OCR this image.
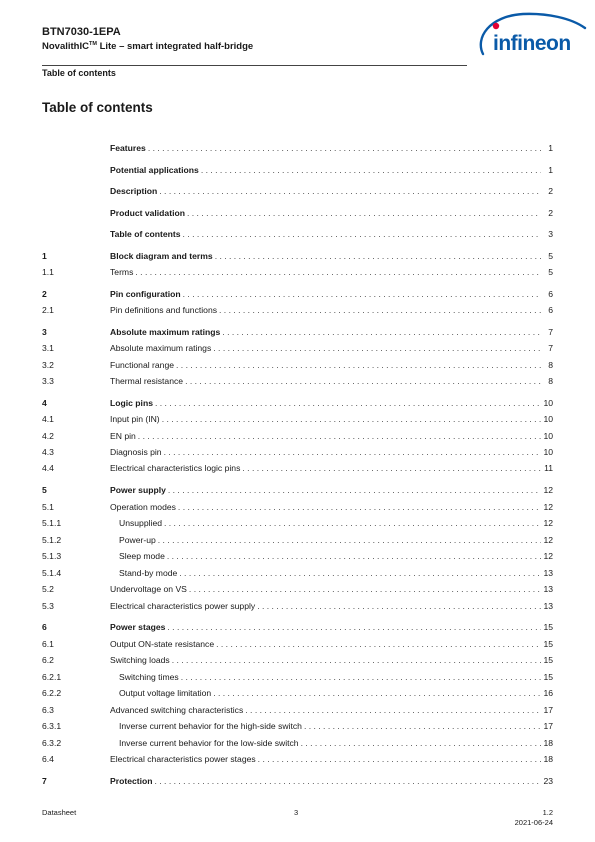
BTN7030-1EPA
NovalithIC™ Lite – smart integrated half-bridge
Table of contents
infineon
Table of contents
Features . . .	1
Potential applications . . .	1
Description . . .	2
Product validation . . .	2
Table of contents . . .	3
1	Block diagram and terms . . .	5
1.1	Terms . . .	5
2	Pin configuration . . .	6
2.1	Pin definitions and functions . . .	6
3	Absolute maximum ratings . . .	7
3.1	Absolute maximum ratings . . .	7
3.2	Functional range . . .	8
3.3	Thermal resistance . . .	8
4	Logic pins . . .	10
4.1	Input pin (IN) . . .	10
4.2	EN pin . . .	10
4.3	Diagnosis pin . . .	10
4.4	Electrical characteristics logic pins . . .	11
5	Power supply . . .	12
5.1	Operation modes . . .	12
5.1.1	Unsupplied . . .	12
5.1.2	Power-up . . .	12
5.1.3	Sleep mode . . .	12
5.1.4	Stand-by mode . . .	13
5.2	Undervoltage on VS . . .	13
5.3	Electrical characteristics power supply . . .	13
6	Power stages . . .	15
6.1	Output ON-state resistance . . .	15
6.2	Switching loads . . .	15
6.2.1	Switching times . . .	15
6.2.2	Output voltage limitation . . .	16
6.3	Advanced switching characteristics . . .	17
6.3.1	Inverse current behavior for the high-side switch . . .	17
6.3.2	Inverse current behavior for the low-side switch . . .	18
6.4	Electrical characteristics power stages . . .	18
7	Protection . . .	23
Datasheet	3	1.2
2021-06-24
